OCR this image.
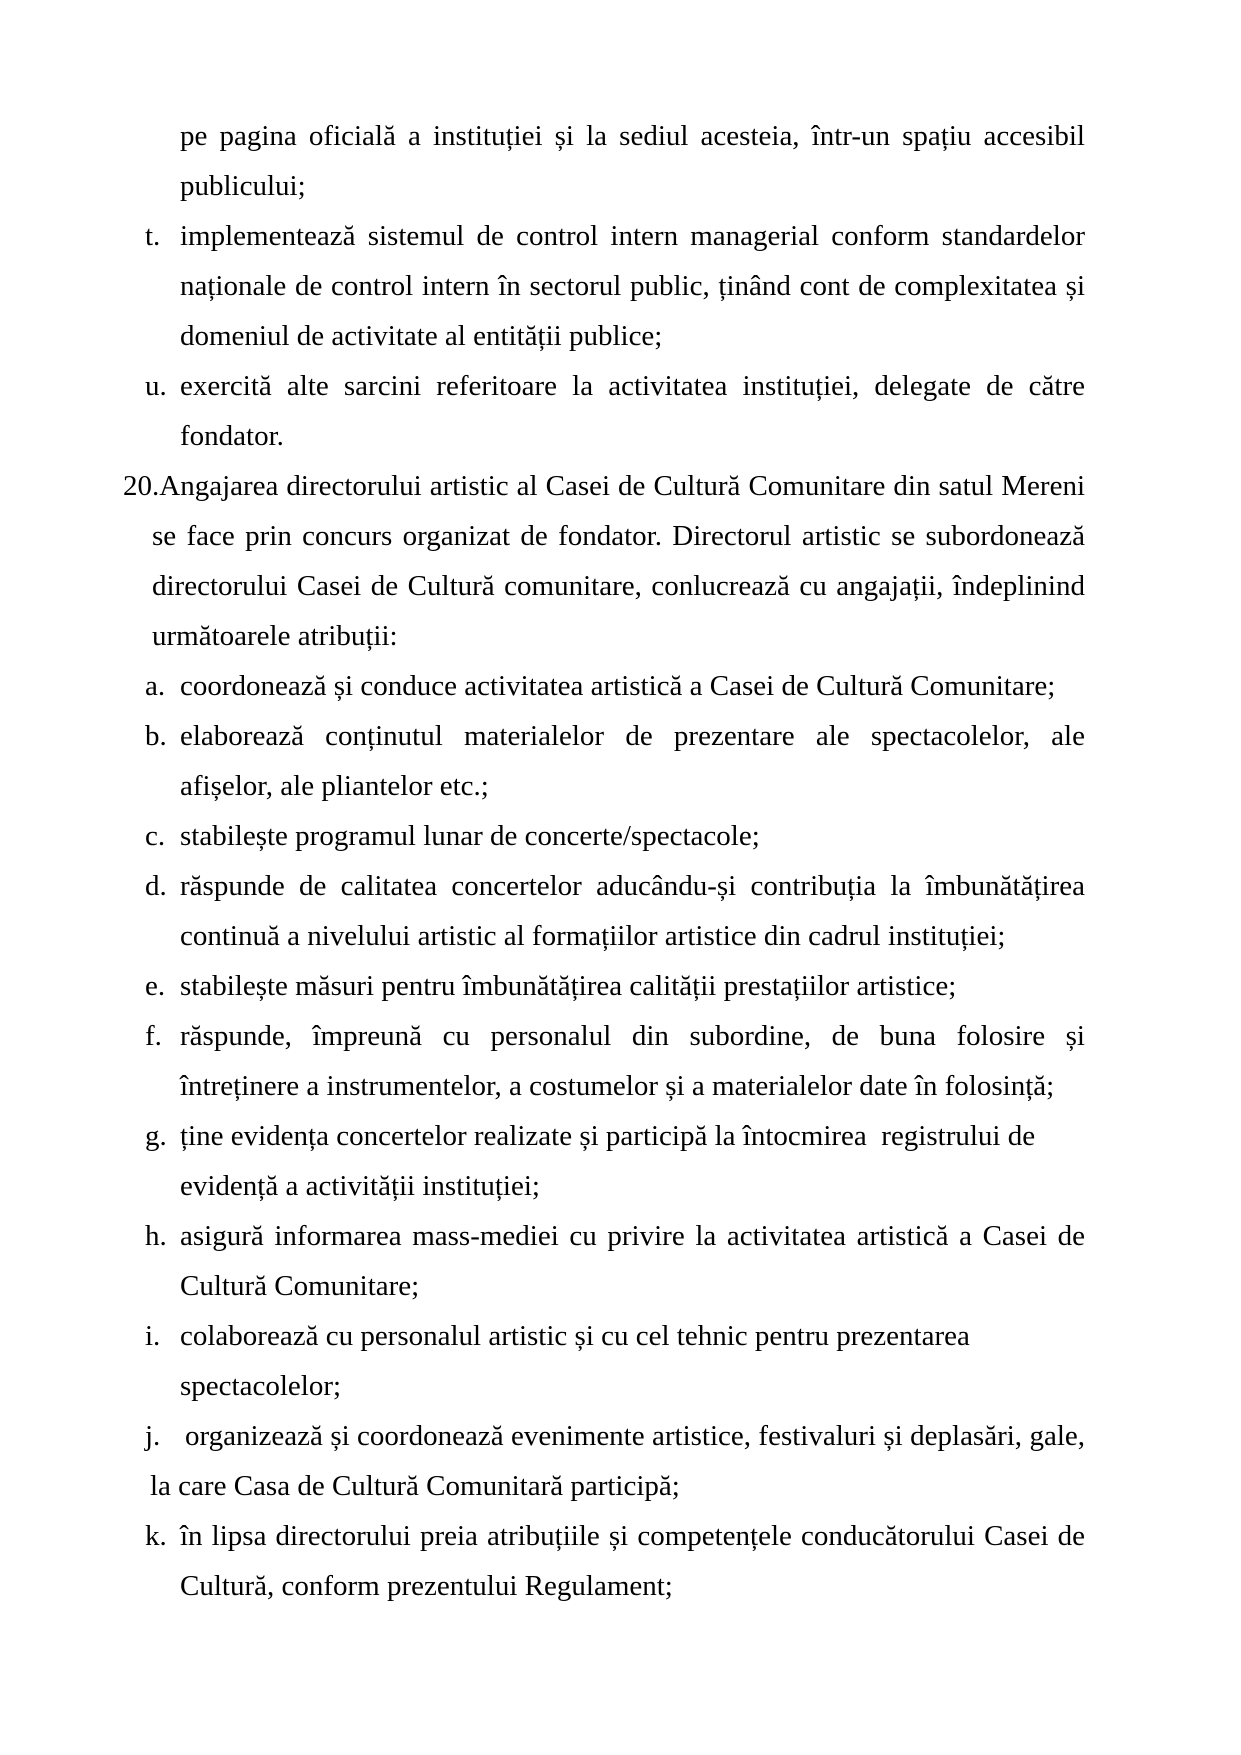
pe pagina oficială a instituției și la sediul acesteia, într-un spațiu accesibil publicului;

t. implementează sistemul de control intern managerial conform standardelor naționale de control intern în sectorul public, ținând cont de complexitatea și domeniul de activitate al entității publice;

u. exercită alte sarcini referitoare la activitatea instituției, delegate de către fondator.

20.Angajarea directorului artistic al Casei de Cultură Comunitare din satul Mereni se face prin concurs organizat de fondator. Directorul artistic se subordonează directorului Casei de Cultură comunitare, conlucrează cu angajații, îndeplinind următoarele atribuții:

a. coordonează și conduce activitatea artistică a Casei de Cultură Comunitare;

b. elaborează conținutul materialelor de prezentare ale spectacolelor, ale afișelor, ale pliantelor etc.;

c. stabilește programul lunar de concerte/spectacole;

d. răspunde de calitatea concertelor aducându-și contribuția la îmbunătățirea continuă a nivelului artistic al formațiilor artistice din cadrul instituției;

e. stabilește măsuri pentru îmbunătățirea calității prestațiilor artistice;

f. răspunde, împreună cu personalul din subordine, de buna folosire și întreținere a instrumentelor, a costumelor și a materialelor date în folosință;

g. ține evidența concertelor realizate și participă la întocmirea  registrului de evidență a activității instituției;

h. asigură informarea mass-mediei cu privire la activitatea artistică a Casei de Cultură Comunitare;

i. colaborează cu personalul artistic și cu cel tehnic pentru prezentarea spectacolelor;

j. organizează și coordonează evenimente artistice, festivaluri și deplasări, gale, la care Casa de Cultură Comunitară participă;

k. în lipsa directorului preia atribuțiile și competențele conducătorului Casei de Cultură, conform prezentului Regulament;
